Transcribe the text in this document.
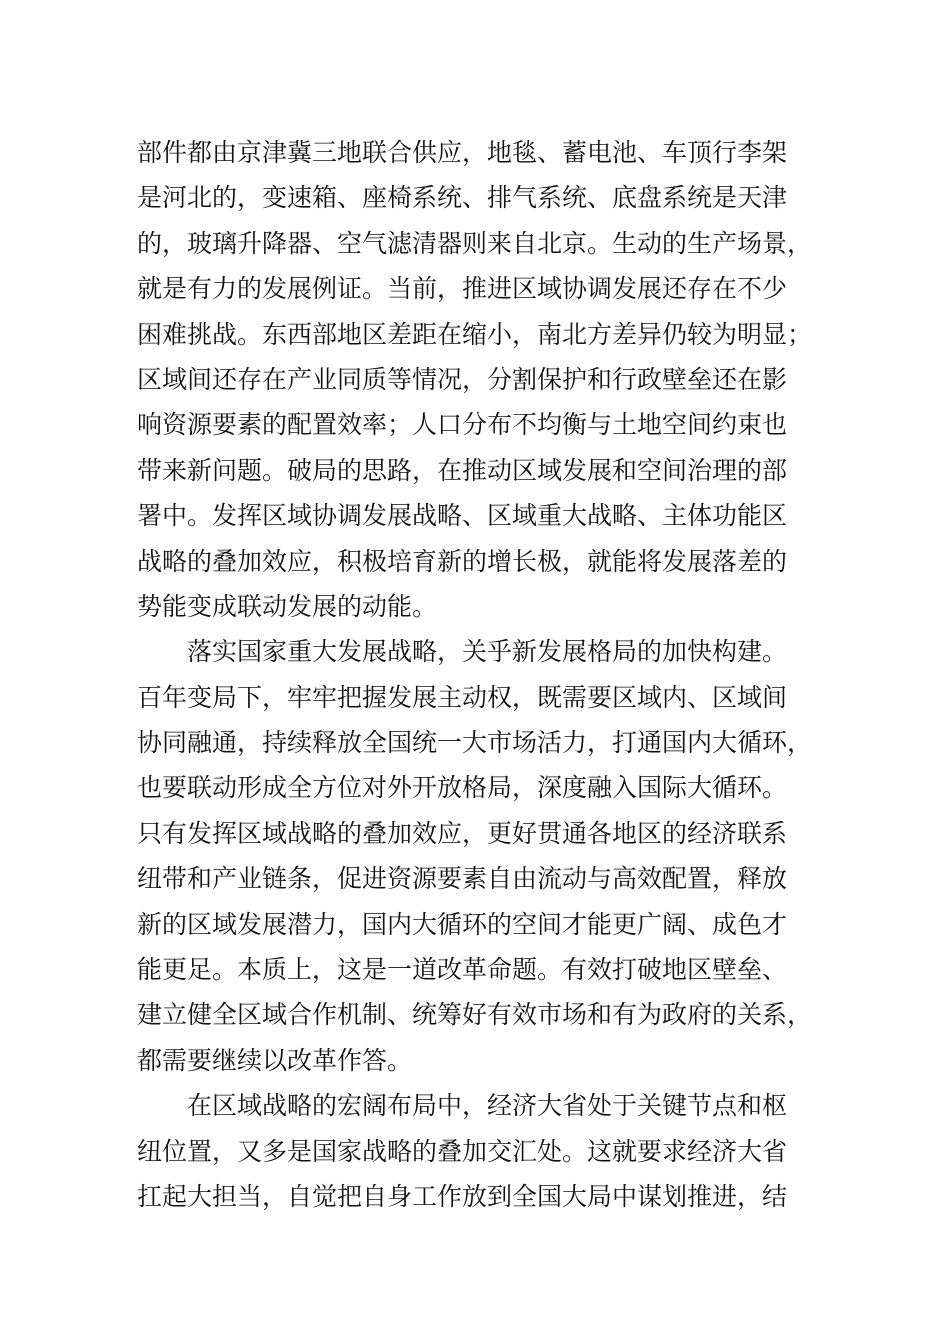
部件都由京津冀三地联合供应，地毯、蓄电池、车顶行李架
是河北的，变速箱、座椅系统、排气系统、底盘系统是天津
的，玻璃升降器、空气滤清器则来自北京。生动的生产场景，
就是有力的发展例证。当前，推进区域协调发展还存在不少
困难挑战。东西部地区差距在缩小，南北方差异仍较为明显；
区域间还存在产业同质等情况，分割保护和行政壁垒还在影
响资源要素的配置效率；人口分布不均衡与土地空间约束也
带来新问题。破局的思路，在推动区域发展和空间治理的部
署中。发挥区域协调发展战略、区域重大战略、主体功能区
战略的叠加效应，积极培育新的增长极，就能将发展落差的
势能变成联动发展的动能。
落实国家重大发展战略，关乎新发展格局的加快构建。
百年变局下，牢牢把握发展主动权，既需要区域内、区域间
协同融通，持续释放全国统一大市场活力，打通国内大循环，
也要联动形成全方位对外开放格局，深度融入国际大循环。
只有发挥区域战略的叠加效应，更好贯通各地区的经济联系
纽带和产业链条，促进资源要素自由流动与高效配置，释放
新的区域发展潜力，国内大循环的空间才能更广阔、成色才
能更足。本质上，这是一道改革命题。有效打破地区壁垒、
建立健全区域合作机制、统筹好有效市场和有为政府的关系，
都需要继续以改革作答。
在区域战略的宏阔布局中，经济大省处于关键节点和枢
纽位置，又多是国家战略的叠加交汇处。这就要求经济大省
扛起大担当，自觉把自身工作放到全国大局中谋划推进，结
